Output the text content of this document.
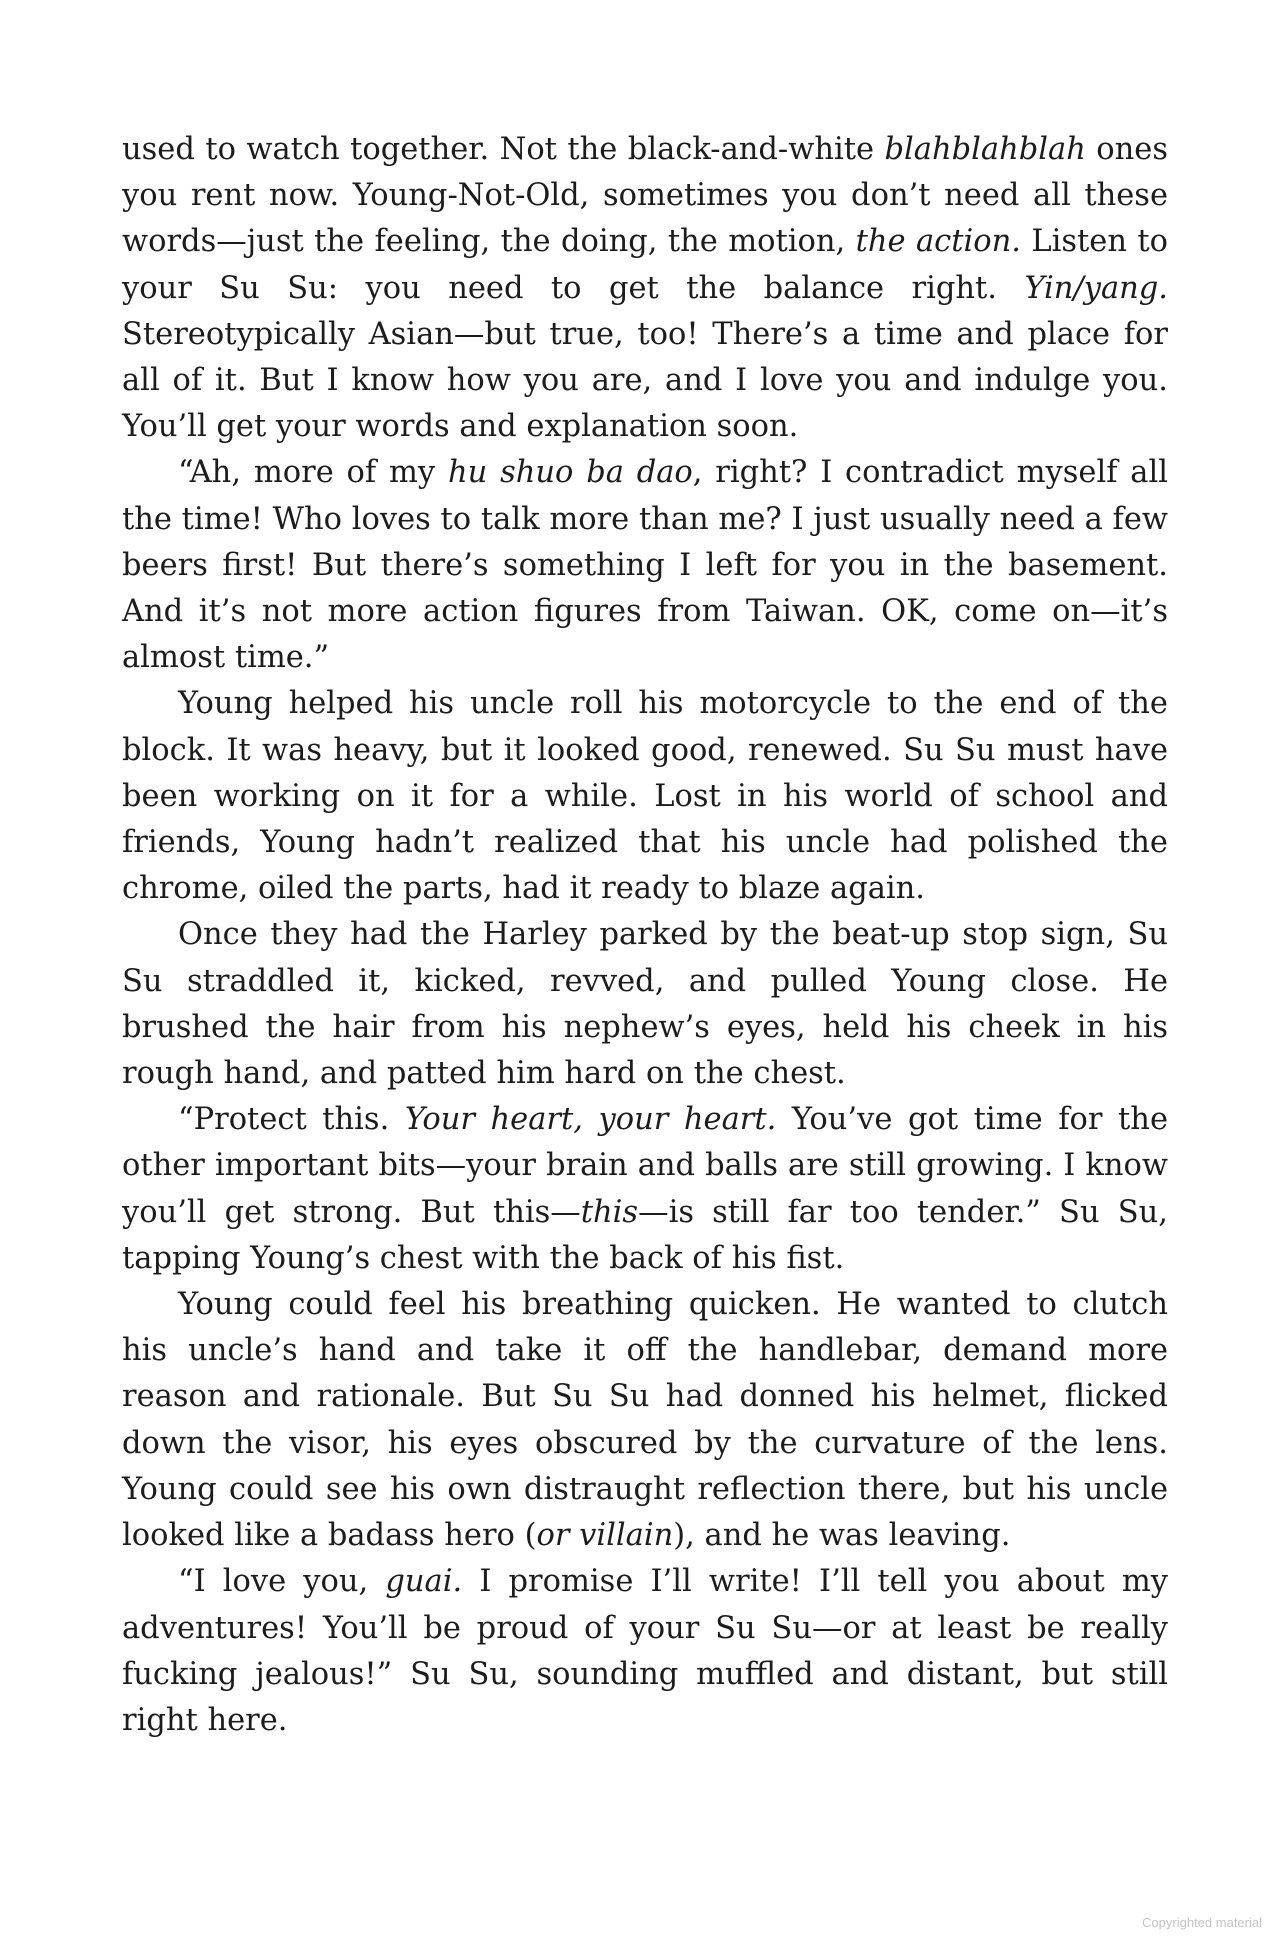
used to watch together. Not the black-and-white blahblahblah ones you rent now. Young-Not-Old, sometimes you don’t need all these words—just the feeling, the doing, the motion, the action. Listen to your Su Su: you need to get the balance right. Yin/yang. Stereotypically Asian—but true, too! There’s a time and place for all of it. But I know how you are, and I love you and indulge you. You’ll get your words and explanation soon.

“Ah, more of my hu shuo ba dao, right? I contradict myself all the time! Who loves to talk more than me? I just usually need a few beers first! But there’s something I left for you in the basement. And it’s not more action figures from Taiwan. OK, come on—it’s almost time.”

Young helped his uncle roll his motorcycle to the end of the block. It was heavy, but it looked good, renewed. Su Su must have been working on it for a while. Lost in his world of school and friends, Young hadn’t realized that his uncle had polished the chrome, oiled the parts, had it ready to blaze again.

Once they had the Harley parked by the beat-up stop sign, Su Su straddled it, kicked, revved, and pulled Young close. He brushed the hair from his nephew’s eyes, held his cheek in his rough hand, and patted him hard on the chest.

“Protect this. Your heart, your heart. You’ve got time for the other important bits—your brain and balls are still growing. I know you’ll get strong. But this—this—is still far too tender.” Su Su, tapping Young’s chest with the back of his fist.

Young could feel his breathing quicken. He wanted to clutch his uncle’s hand and take it off the handlebar, demand more reason and rationale. But Su Su had donned his helmet, flicked down the visor, his eyes obscured by the curvature of the lens. Young could see his own distraught reflection there, but his uncle looked like a badass hero (or villain), and he was leaving.

“I love you, guai. I promise I’ll write! I’ll tell you about my adventures! You’ll be proud of your Su Su—or at least be really fucking jealous!” Su Su, sounding muffled and distant, but still right here.

Copyrighted material
